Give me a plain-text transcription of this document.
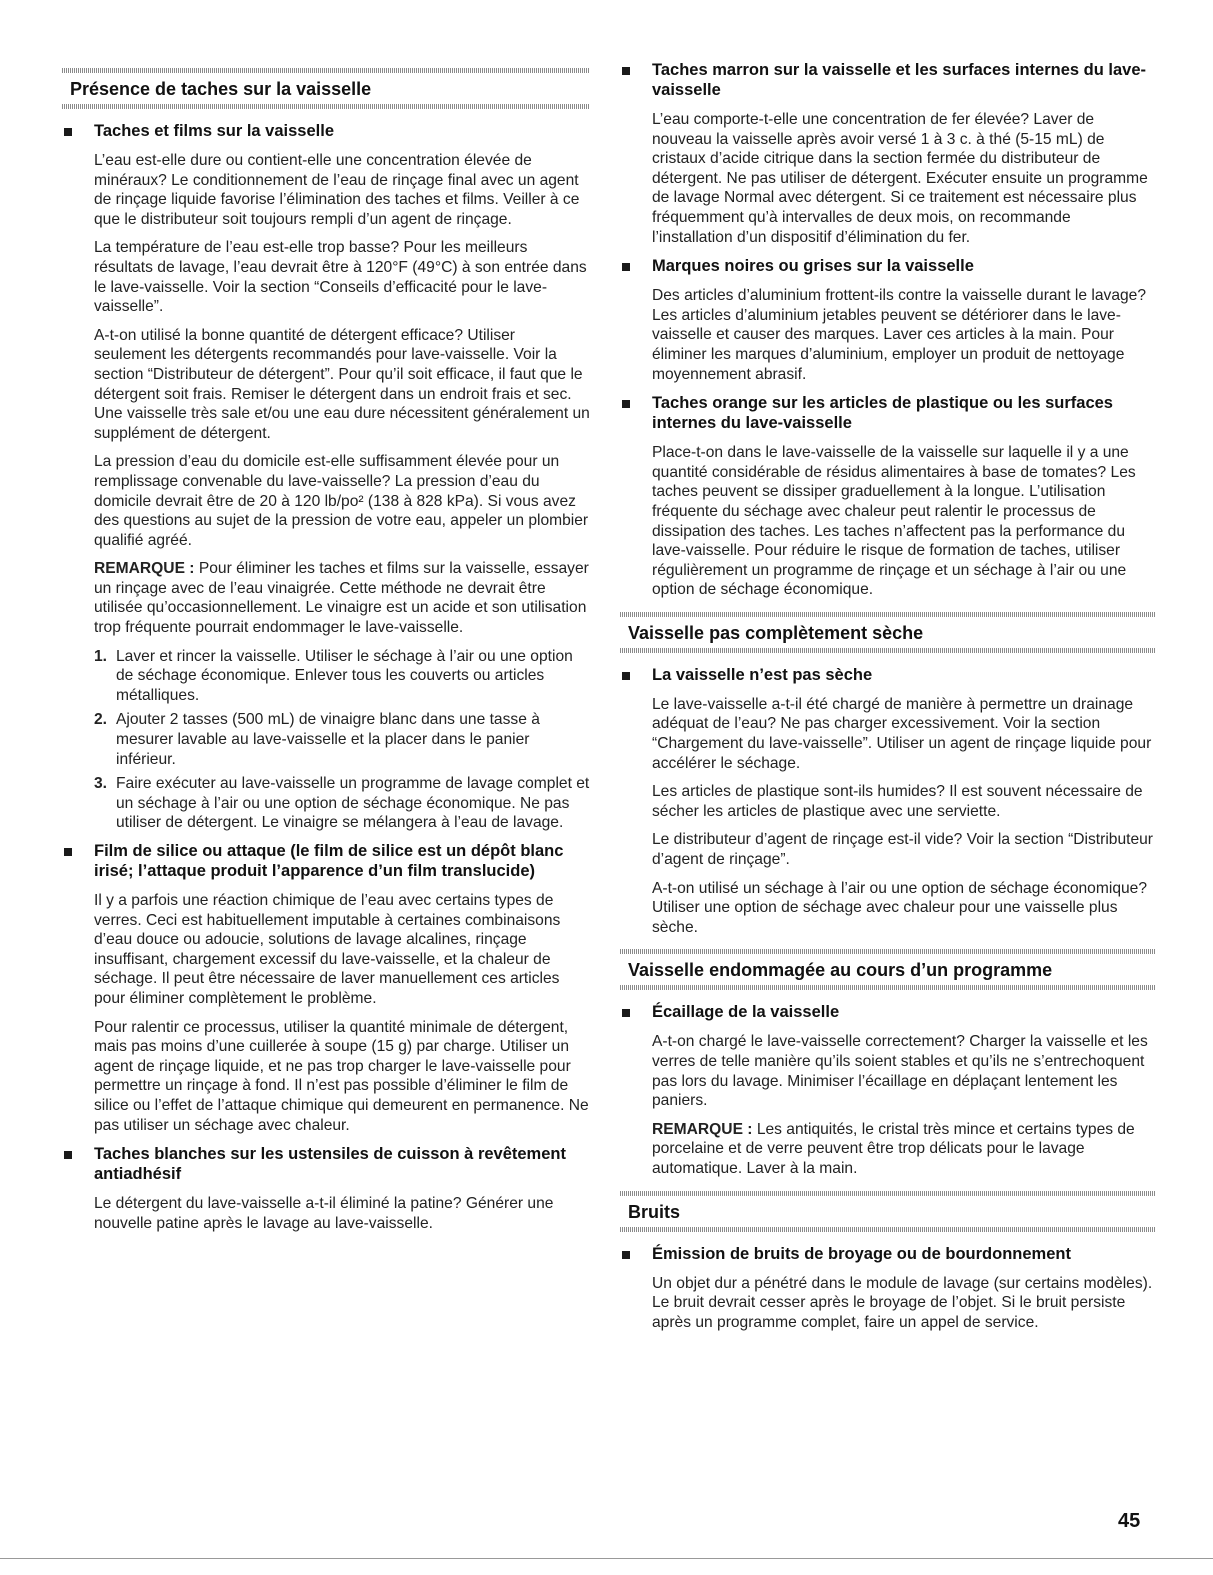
Présence de taches sur la vaisselle
Taches et films sur la vaisselle

L’eau est-elle dure ou contient-elle une concentration élevée de minéraux? Le conditionnement de l’eau de rinçage final avec un agent de rinçage liquide favorise l’élimination des taches et films. Veiller à ce que le distributeur soit toujours rempli d’un agent de rinçage.

La température de l’eau est-elle trop basse? Pour les meilleurs résultats de lavage, l’eau devrait être à 120°F (49°C) à son entrée dans le lave-vaisselle. Voir la section “Conseils d’efficacité pour le lave-vaisselle”.

A-t-on utilisé la bonne quantité de détergent efficace? Utiliser seulement les détergents recommandés pour lave-vaisselle. Voir la section “Distributeur de détergent”. Pour qu’il soit efficace, il faut que le détergent soit frais. Remiser le détergent dans un endroit frais et sec. Une vaisselle très sale et/ou une eau dure nécessitent généralement un supplément de détergent.

La pression d’eau du domicile est-elle suffisamment élevée pour un remplissage convenable du lave-vaisselle? La pression d’eau du domicile devrait être de 20 à 120 lb/po² (138 à 828 kPa). Si vous avez des questions au sujet de la pression de votre eau, appeler un plombier qualifié agréé.

REMARQUE : Pour éliminer les taches et films sur la vaisselle, essayer un rinçage avec de l’eau vinaigrée. Cette méthode ne devrait être utilisée qu’occasionnellement. Le vinaigre est un acide et son utilisation trop fréquente pourrait endommager le lave-vaisselle.

1. Laver et rincer la vaisselle. Utiliser le séchage à l’air ou une option de séchage économique. Enlever tous les couverts ou articles métalliques.
2. Ajouter 2 tasses (500 mL) de vinaigre blanc dans une tasse à mesurer lavable au lave-vaisselle et la placer dans le panier inférieur.
3. Faire exécuter au lave-vaisselle un programme de lavage complet et un séchage à l’air ou une option de séchage économique. Ne pas utiliser de détergent. Le vinaigre se mélangera à l’eau de lavage.
Film de silice ou attaque (le film de silice est un dépôt blanc irisé; l’attaque produit l’apparence d’un film translucide)

Il y a parfois une réaction chimique de l’eau avec certains types de verres. Ceci est habituellement imputable à certaines combinaisons d’eau douce ou adoucie, solutions de lavage alcalines, rinçage insuffisant, chargement excessif du lave-vaisselle, et la chaleur de séchage. Il peut être nécessaire de laver manuellement ces articles pour éliminer complètement le problème.

Pour ralentir ce processus, utiliser la quantité minimale de détergent, mais pas moins d’une cuillerée à soupe (15 g) par charge. Utiliser un agent de rinçage liquide, et ne pas trop charger le lave-vaisselle pour permettre un rinçage à fond. Il n’est pas possible d’éliminer le film de silice ou l’effet de l’attaque chimique qui demeurent en permanence. Ne pas utiliser un séchage avec chaleur.

Taches blanches sur les ustensiles de cuisson à revêtement antiadhésif

Le détergent du lave-vaisselle a-t-il éliminé la patine? Générer une nouvelle patine après le lavage au lave-vaisselle.

Taches marron sur la vaisselle et les surfaces internes du lave-vaisselle

L’eau comporte-t-elle une concentration de fer élevée? Laver de nouveau la vaisselle après avoir versé 1 à 3 c. à thé (5-15 mL) de cristaux d’acide citrique dans la section fermée du distributeur de détergent. Ne pas utiliser de détergent. Exécuter ensuite un programme de lavage Normal avec détergent. Si ce traitement est nécessaire plus fréquemment qu’à intervalles de deux mois, on recommande l’installation d’un dispositif d’élimination du fer.

Marques noires ou grises sur la vaisselle

Des articles d’aluminium frottent-ils contre la vaisselle durant le lavage? Les articles d’aluminium jetables peuvent se détériorer dans le lave-vaisselle et causer des marques. Laver ces articles à la main. Pour éliminer les marques d’aluminium, employer un produit de nettoyage moyennement abrasif.

Taches orange sur les articles de plastique ou les surfaces internes du lave-vaisselle

Place-t-on dans le lave-vaisselle de la vaisselle sur laquelle il y a une quantité considérable de résidus alimentaires à base de tomates? Les taches peuvent se dissiper graduellement à la longue. L’utilisation fréquente du séchage avec chaleur peut ralentir le processus de dissipation des taches. Les taches n’affectent pas la performance du lave-vaisselle. Pour réduire le risque de formation de taches, utiliser régulièrement un programme de rinçage et un séchage à l’air ou une option de séchage économique.

Vaisselle pas complètement sèche
La vaisselle n’est pas sèche

Le lave-vaisselle a-t-il été chargé de manière à permettre un drainage adéquat de l’eau? Ne pas charger excessivement. Voir la section “Chargement du lave-vaisselle”. Utiliser un agent de rinçage liquide pour accélérer le séchage.

Les articles de plastique sont-ils humides? Il est souvent nécessaire de sécher les articles de plastique avec une serviette.

Le distributeur d’agent de rinçage est-il vide? Voir la section “Distributeur d’agent de rinçage”.

A-t-on utilisé un séchage à l’air ou une option de séchage économique? Utiliser une option de séchage avec chaleur pour une vaisselle plus sèche.

Vaisselle endommagée au cours d’un programme
Écaillage de la vaisselle

A-t-on chargé le lave-vaisselle correctement? Charger la vaisselle et les verres de telle manière qu’ils soient stables et qu’ils ne s’entrechoquent pas lors du lavage. Minimiser l’écaillage en déplaçant lentement les paniers.

REMARQUE : Les antiquités, le cristal très mince et certains types de porcelaine et de verre peuvent être trop délicats pour le lavage automatique. Laver à la main.

Bruits
Émission de bruits de broyage ou de bourdonnement

Un objet dur a pénétré dans le module de lavage (sur certains modèles). Le bruit devrait cesser après le broyage de l’objet. Si le bruit persiste après un programme complet, faire un appel de service.

45
